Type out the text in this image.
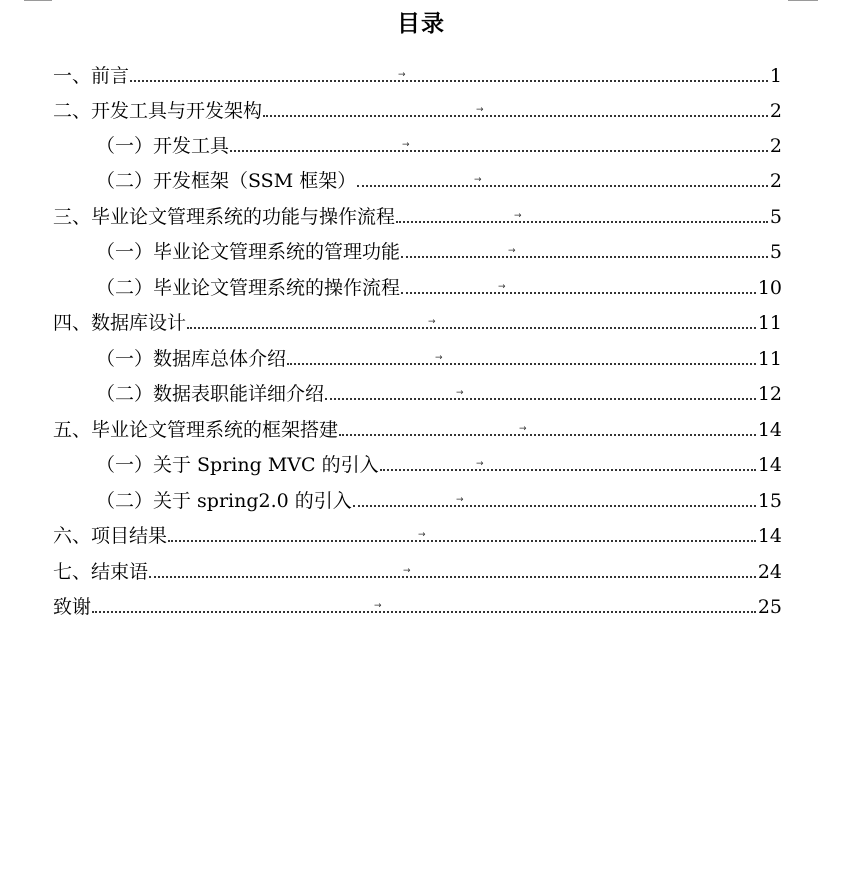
目录
一、前言	1
→
二、开发工具与开发架构	2
→
（一）开发工具	2
→
（二）开发框架（SSM 框架）	2
→
三、毕业论文管理系统的功能与操作流程	5
→
（一）毕业论文管理系统的管理功能	5
→
（二）毕业论文管理系统的操作流程	10
→
四、数据库设计	11
→
（一）数据库总体介绍	11
→
（二）数据表职能详细介绍	12
→
五、毕业论文管理系统的框架搭建	14
→
（一）关于 Spring MVC 的引入	14
→
（二）关于 spring2.0 的引入	15
→
六、项目结果	14
→
七、结束语	24
→
致谢	25
→
